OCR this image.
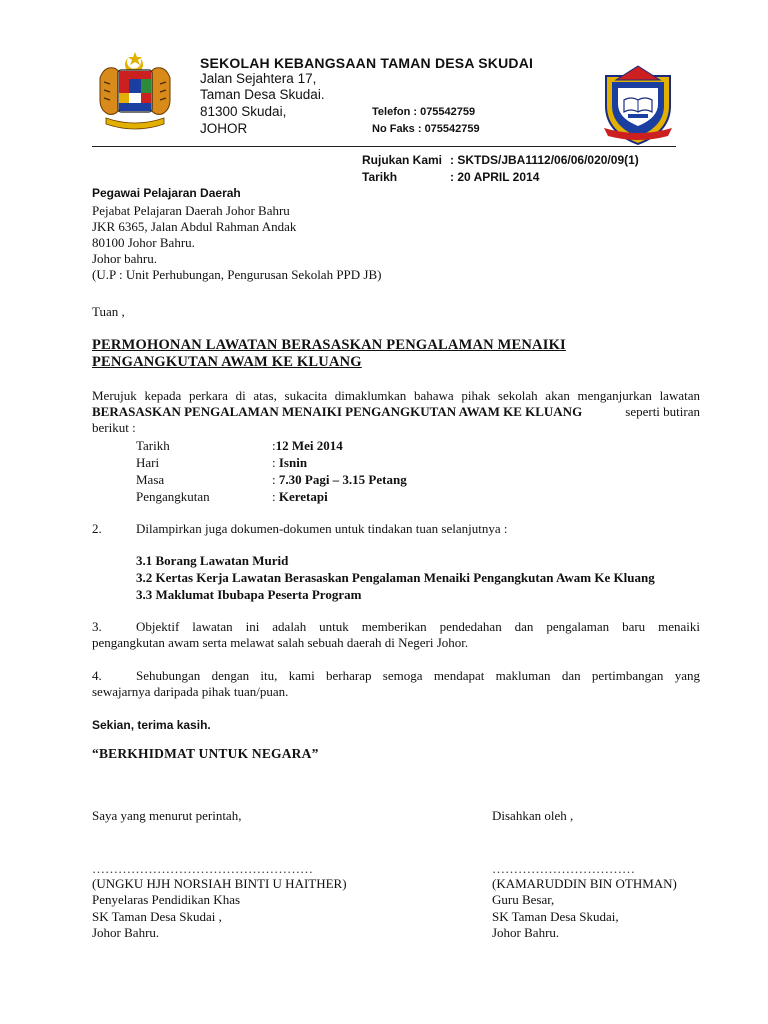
SEKOLAH KEBANGSAAN TAMAN DESA SKUDAI
Jalan Sejahtera 17,
Taman Desa Skudai.
81300 Skudai,
JOHOR
Telefon : 075542759
No Faks : 075542759
Rujukan Kami : SKTDS/JBA1112/06/06/020/09(1)
Tarikh	: 20 APRIL 2014
Pegawai Pelajaran Daerah
Pejabat Pelajaran Daerah Johor Bahru
JKR 6365, Jalan Abdul Rahman Andak
80100 Johor Bahru.
Johor bahru.
(U.P : Unit Perhubungan, Pengurusan Sekolah PPD JB)
Tuan ,
PERMOHONAN LAWATAN BERASASKAN PENGALAMAN MENAIKI
PENGANGKUTAN AWAM KE KLUANG
Merujuk kepada perkara di atas, sukacita dimaklumkan bahawa pihak sekolah akan menganjurkan lawatan
BERASASKAN PENGALAMAN MENAIKI PENGANGKUTAN AWAM KE KLUANG	seperti butiran
berikut :
Tarikh	:12 Mei 2014
Hari	: Isnin
Masa	: 7.30 Pagi – 3.15 Petang
Pengangkutan	: Keretapi
2.	Dilampirkan juga dokumen-dokumen untuk tindakan tuan selanjutnya :
3.1 Borang Lawatan Murid
3.2 Kertas Kerja Lawatan Berasaskan Pengalaman Menaiki Pengangkutan Awam Ke Kluang
3.3 Maklumat Ibubapa Peserta Program
3.	Objektif lawatan ini adalah untuk memberikan pendedahan dan pengalaman baru menaiki
pengangkutan awam serta melawat salah sebuah daerah di Negeri Johor.
4.	Sehubungan dengan itu, kami berharap semoga mendapat makluman dan pertimbangan yang
sewajarnya daripada pihak tuan/puan.
Sekian, terima kasih.
“BERKHIDMAT UNTUK NEGARA”
Saya yang menurut perintah,	Disahkan oleh ,
……………………………………………	……………………………
(UNGKU HJH NORSIAH BINTI U HAITHER)	(KAMARUDDIN BIN OTHMAN)
Penyelaras Pendidikan Khas	Guru Besar,
SK Taman Desa Skudai ,	SK Taman Desa Skudai,
Johor Bahru.	Johor Bahru.
